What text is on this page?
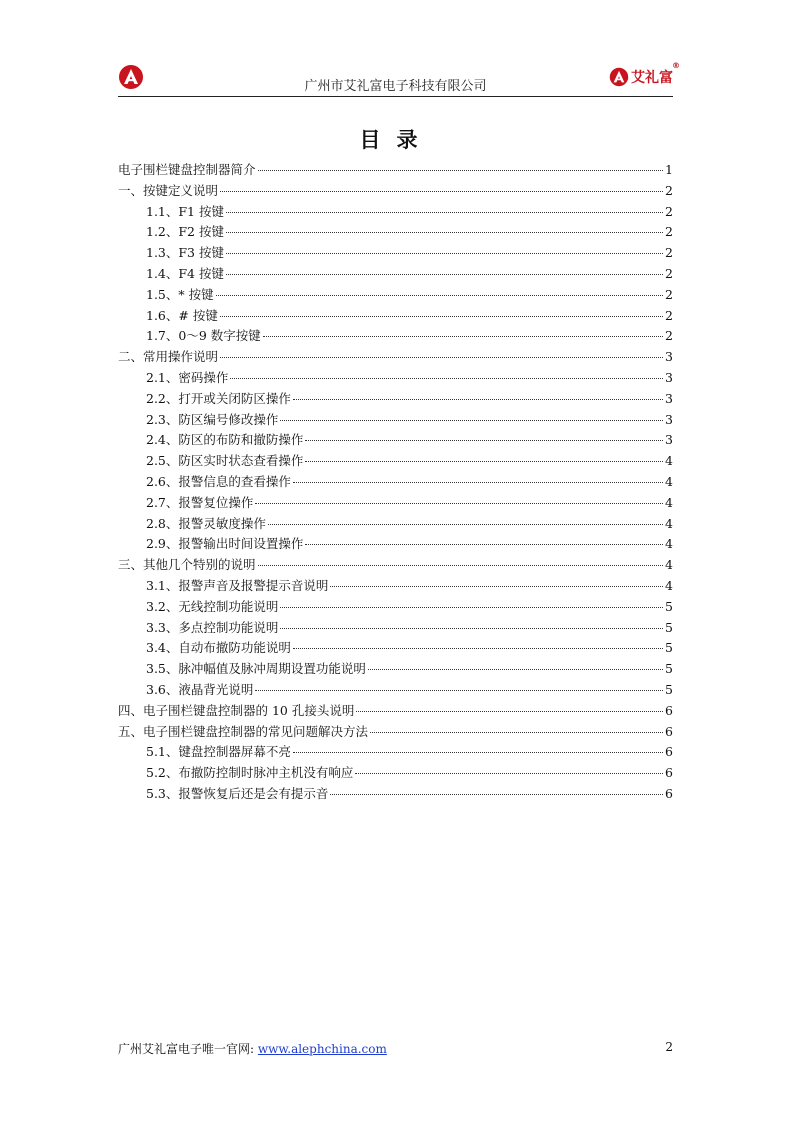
广州市艾礼富电子科技有限公司
艾礼富
®
目录
电子围栏键盘控制器简介	1
一、按键定义说明	2
1.1、F1 按键	2
1.2、F2 按键	2
1.3、F3 按键	2
1.4、F4 按键	2
1.5、* 按键	2
1.6、# 按键	2
1.7、0～9 数字按键	2
二、常用操作说明	3
2.1、密码操作	3
2.2、打开或关闭防区操作	3
2.3、防区编号修改操作	3
2.4、防区的布防和撤防操作	3
2.5、防区实时状态查看操作	4
2.6、报警信息的查看操作	4
2.7、报警复位操作	4
2.8、报警灵敏度操作	4
2.9、报警输出时间设置操作	4
三、其他几个特别的说明	4
3.1、报警声音及报警提示音说明	4
3.2、无线控制功能说明	5
3.3、多点控制功能说明	5
3.4、自动布撤防功能说明	5
3.5、脉冲幅值及脉冲周期设置功能说明	5
3.6、液晶背光说明	5
四、电子围栏键盘控制器的 10 孔接头说明	6
五、电子围栏键盘控制器的常见问题解决方法	6
5.1、键盘控制器屏幕不亮	6
5.2、布撤防控制时脉冲主机没有响应	6
5.3、报警恢复后还是会有提示音	6
广州艾礼富电子唯一官网: www.alephchina.com	2
